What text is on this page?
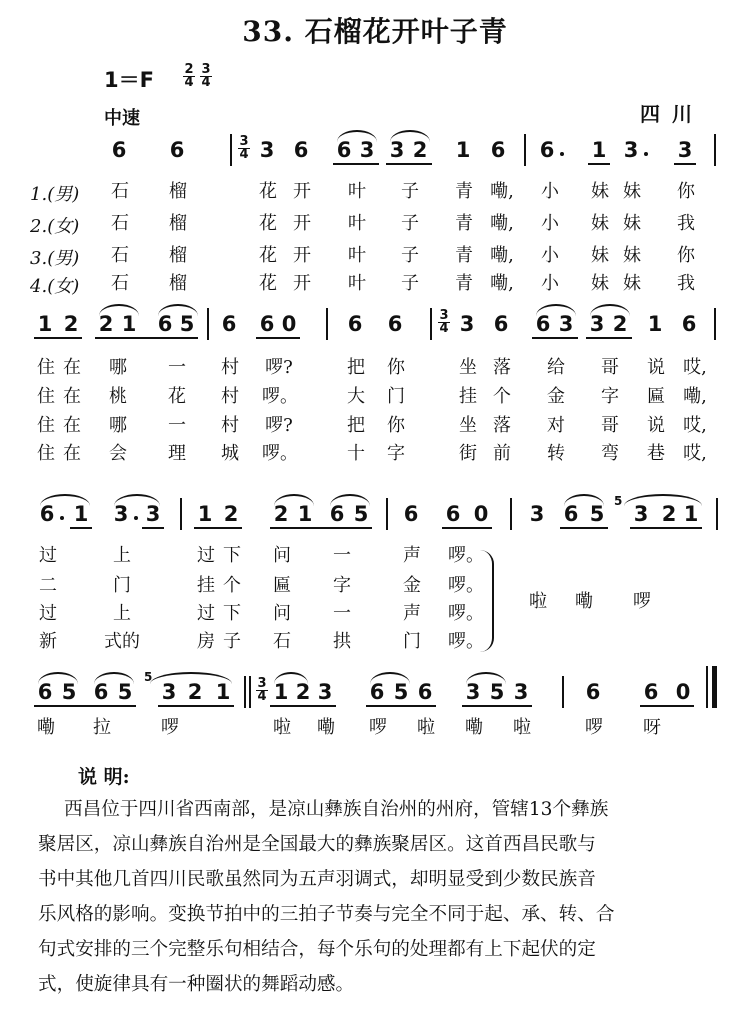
33. 石榴花开叶子青
1＝F 2
4
3
4
中速	四川
6 6	3
4 3 6 6 3 3 2 1 6 6 1 3 3
1.(男)
2.(女)
3.(男)
4.(女)
石 榴	花 开 叶 子 青 嘞, 小 妹 妹 你
石 榴	花 开 叶 子 青 嘞, 小 妹 妹 我
石 榴	花 开 叶 子 青 嘞, 小 妹 妹 你
石 榴	花 开 叶 子 青 嘞, 小 妹 妹 我
1 2 2 1 6 5 6 6 0 6 6	3
4 3 6 6 3 3 2 1 6
住 在 哪 一 村 啰?	把 你	坐 落 给 哥 说 哎,
住 在 桃 花 村 啰。	大 门	挂 个 金 字 匾 嘞,
住 在 哪 一 村 啰?	把 你	坐 落 对 哥 说 哎,
住 在 会 理 城 啰。	十 字	街 前 转 弯 巷 哎,
6 1 3 3 1 2 2 1 6 5 6 6 0 3 6 5
5
3 2 1
过	上	过 下 问 一	声 啰。
二	门	挂 个 匾 字	金 啰。
过	上	过 下 问 一	声 啰。
新	式的	房 子 石 拱	门 啰。
啦 嘞 啰
6 5 6 5
5
3 2 1 3
4 1 2 3 6 5 6 3 5 3	6 6 0
嘞 拉	啰	啦 嘞 啰 啦 嘞 啦	啰 呀
说 明:
西昌位于四川省西南部，是凉山彝族自治州的州府，管辖13个彝族
聚居区，凉山彝族自治州是全国最大的彝族聚居区。这首西昌民歌与
书中其他几首四川民歌虽然同为五声羽调式，却明显受到少数民族音
乐风格的影响。变换节拍中的三拍子节奏与完全不同于起、承、转、合
句式安排的三个完整乐句相结合，每个乐句的处理都有上下起伏的定
式，使旋律具有一种圈状的舞蹈动感。
